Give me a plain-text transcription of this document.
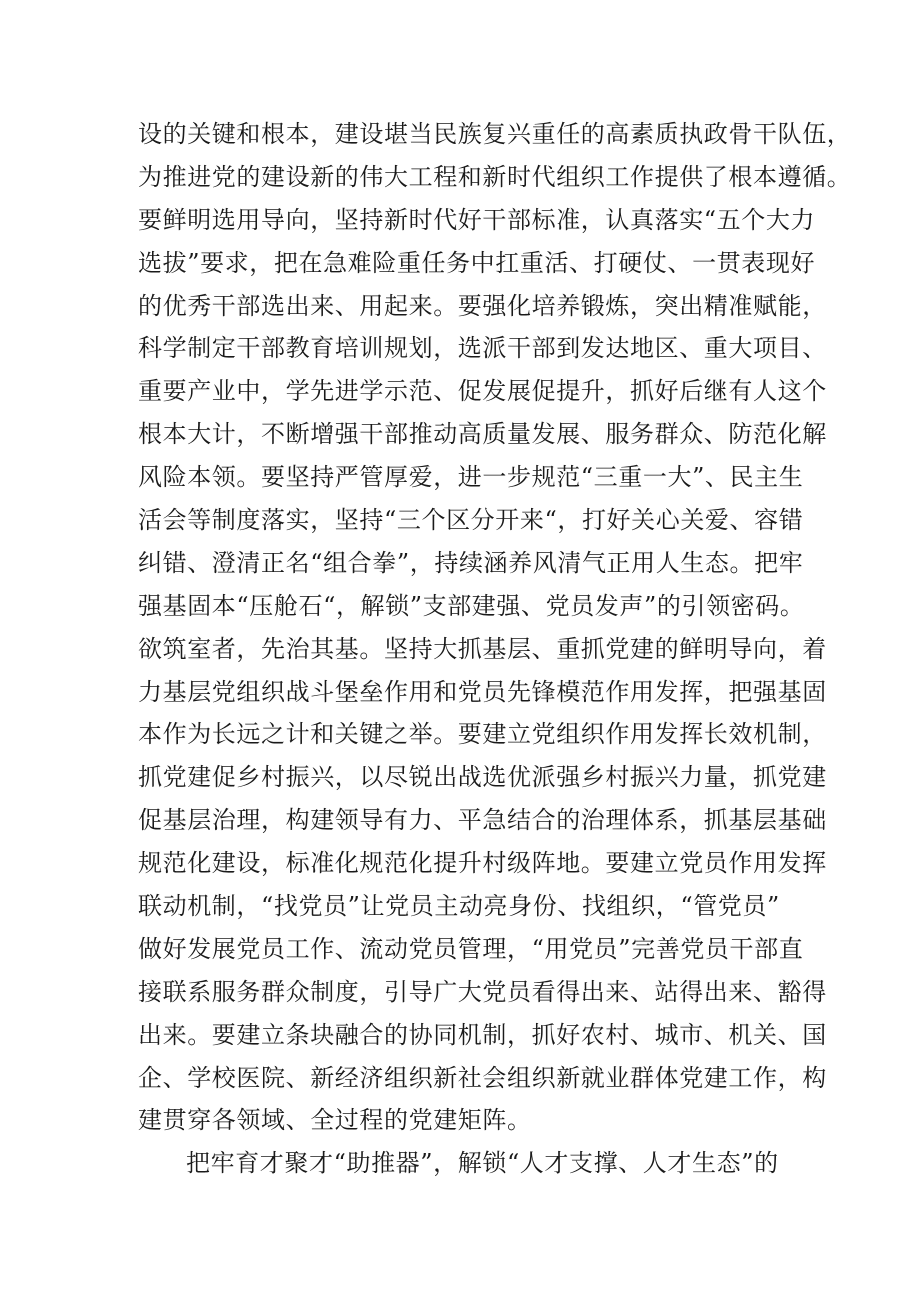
设的关键和根本，建设堪当民族复兴重任的高素质执政骨干队伍，
为推进党的建设新的伟大工程和新时代组织工作提供了根本遵循。
要鲜明选用导向，坚持新时代好干部标准，认真落实“五个大力
选拔”要求，把在急难险重任务中扛重活、打硬仗、一贯表现好
的优秀干部选出来、用起来。要强化培养锻炼，突出精准赋能，
科学制定干部教育培训规划，选派干部到发达地区、重大项目、
重要产业中，学先进学示范、促发展促提升，抓好后继有人这个
根本大计，不断增强干部推动高质量发展、服务群众、防范化解
风险本领。要坚持严管厚爱，进一步规范“三重一大”、民主生
活会等制度落实，坚持“三个区分开来“，打好关心关爱、容错
纠错、澄清正名“组合拳”，持续涵养风清气正用人生态。把牢
强基固本“压舱石“，解锁”支部建强、党员发声”的引领密码。
欲筑室者，先治其基。坚持大抓基层、重抓党建的鲜明导向，着
力基层党组织战斗堡垒作用和党员先锋模范作用发挥，把强基固
本作为长远之计和关键之举。要建立党组织作用发挥长效机制，
抓党建促乡村振兴，以尽锐出战选优派强乡村振兴力量，抓党建
促基层治理，构建领导有力、平急结合的治理体系，抓基层基础
规范化建设，标准化规范化提升村级阵地。要建立党员作用发挥
联动机制，“找党员”让党员主动亮身份、找组织，“管党员”
做好发展党员工作、流动党员管理，“用党员”完善党员干部直
接联系服务群众制度，引导广大党员看得出来、站得出来、豁得
出来。要建立条块融合的协同机制，抓好农村、城市、机关、国
企、学校医院、新经济组织新社会组织新就业群体党建工作，构
建贯穿各领域、全过程的党建矩阵。
把牢育才聚才“助推器”，解锁“人才支撑、人才生态”的
